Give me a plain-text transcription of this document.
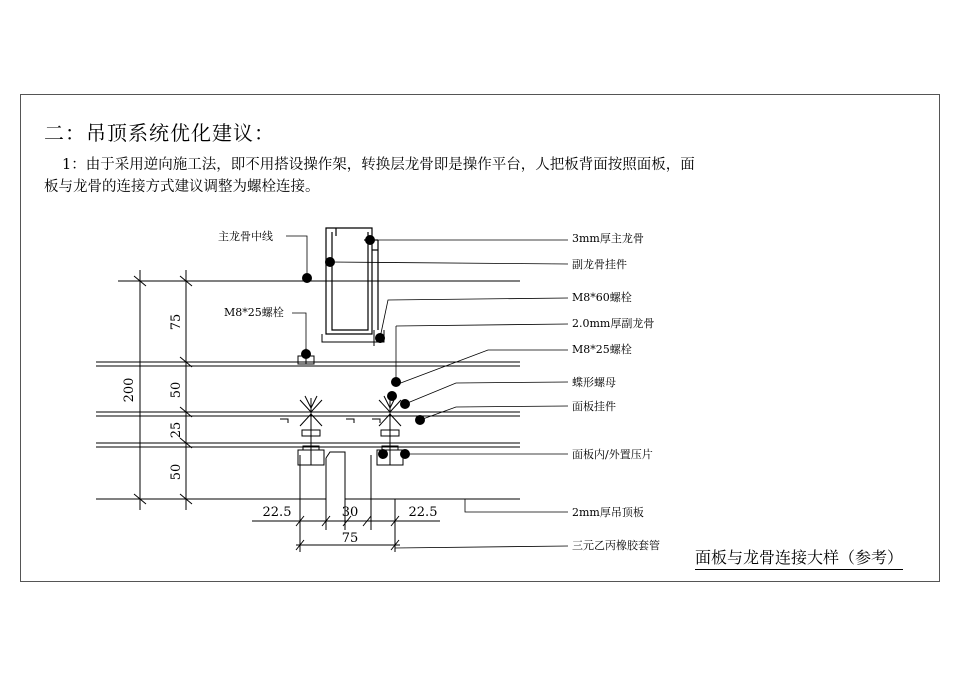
二：吊顶系统优化建议：

1：由于采用逆向施工法，即不用搭设操作架，转换层龙骨即是操作平台，人把板背面按照面板，面

板与龙骨的连接方式建议调整为螺栓连接。

主龙骨中线
M8*25螺栓
3mm厚主龙骨
副龙骨挂件
M8*60螺栓
2.0mm厚副龙骨
M8*25螺栓
蝶形螺母
面板挂件
面板内/外置压片
2mm厚吊顶板
三元乙丙橡胶套管
200
75
50
25
50
22.5	30	22.5
75
面板与龙骨连接大样（参考）
